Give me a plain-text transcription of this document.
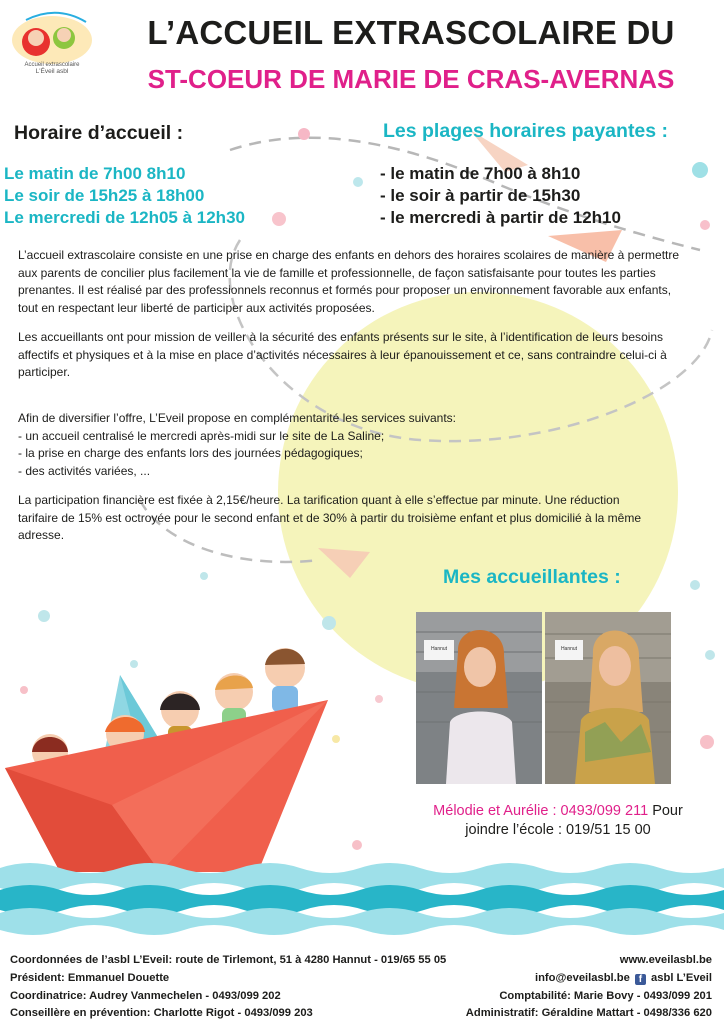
Accueil extrascolaire
L'Éveil asbl
L’ACCUEIL EXTRASCOLAIRE DU
ST-COEUR DE MARIE DE CRAS-AVERNAS
Horaire d’accueil :
Le matin de 7h00 8h10
Le soir de 15h25 à 18h00
Le mercredi de 12h05 à 12h30
Les plages horaires payantes :
- le matin de 7h00 à 8h10
- le soir à partir de 15h30
- le mercredi à partir de 12h10
L’accueil extrascolaire consiste en une prise en charge des enfants en dehors des horaires scolaires de manière à permettre
aux parents de concilier plus facilement la vie de famille et professionnelle, de façon satisfaisante pour toutes les parties
prenantes. Il est réalisé par des professionnels reconnus et formés pour proposer un environnement favorable aux enfants,
tout en respectant leur liberté de participer aux activités proposées.
Les accueillants ont pour mission de veiller à la sécurité des enfants présents sur le site, à l’identification de leurs besoins
affectifs et physiques et à la mise en place d’activités nécessaires à leur épanouissement et ce, sans contraindre celui-ci à
participer.
Afin de diversifier l’offre, L’Eveil propose en complémentarité les services suivants:
- un accueil centralisé le mercredi après-midi sur le site de La Saline;
- la prise en charge des enfants lors des journées pédagogiques;
- des activités variées, ...
La participation financière est fixée à 2,15€/heure. La tarification quant à elle s’effectue par minute. Une réduction
tarifaire de 15% est octroyée pour le second enfant et de 30% à partir du troisième enfant et plus domicilié à la même
adresse.
Mes accueillantes :
Hannut	Hannut
Mélodie et Aurélie : 0493/099 211 Pour
joindre l’école : 019/51 15 00
Coordonnées de l’asbl L’Eveil: route de Tirlemont, 51 à 4280 Hannut - 019/65 55 05
Président: Emmanuel Douette
Coordinatrice: Audrey Vanmechelen - 0493/099 202
Conseillère en prévention: Charlotte Rigot - 0493/099 203
www.eveilasbl.be
info@eveilasbl.be f asbl L’Eveil
Comptabilité: Marie Bovy - 0493/099 201
Administratif: Géraldine Mattart - 0498/336 620
